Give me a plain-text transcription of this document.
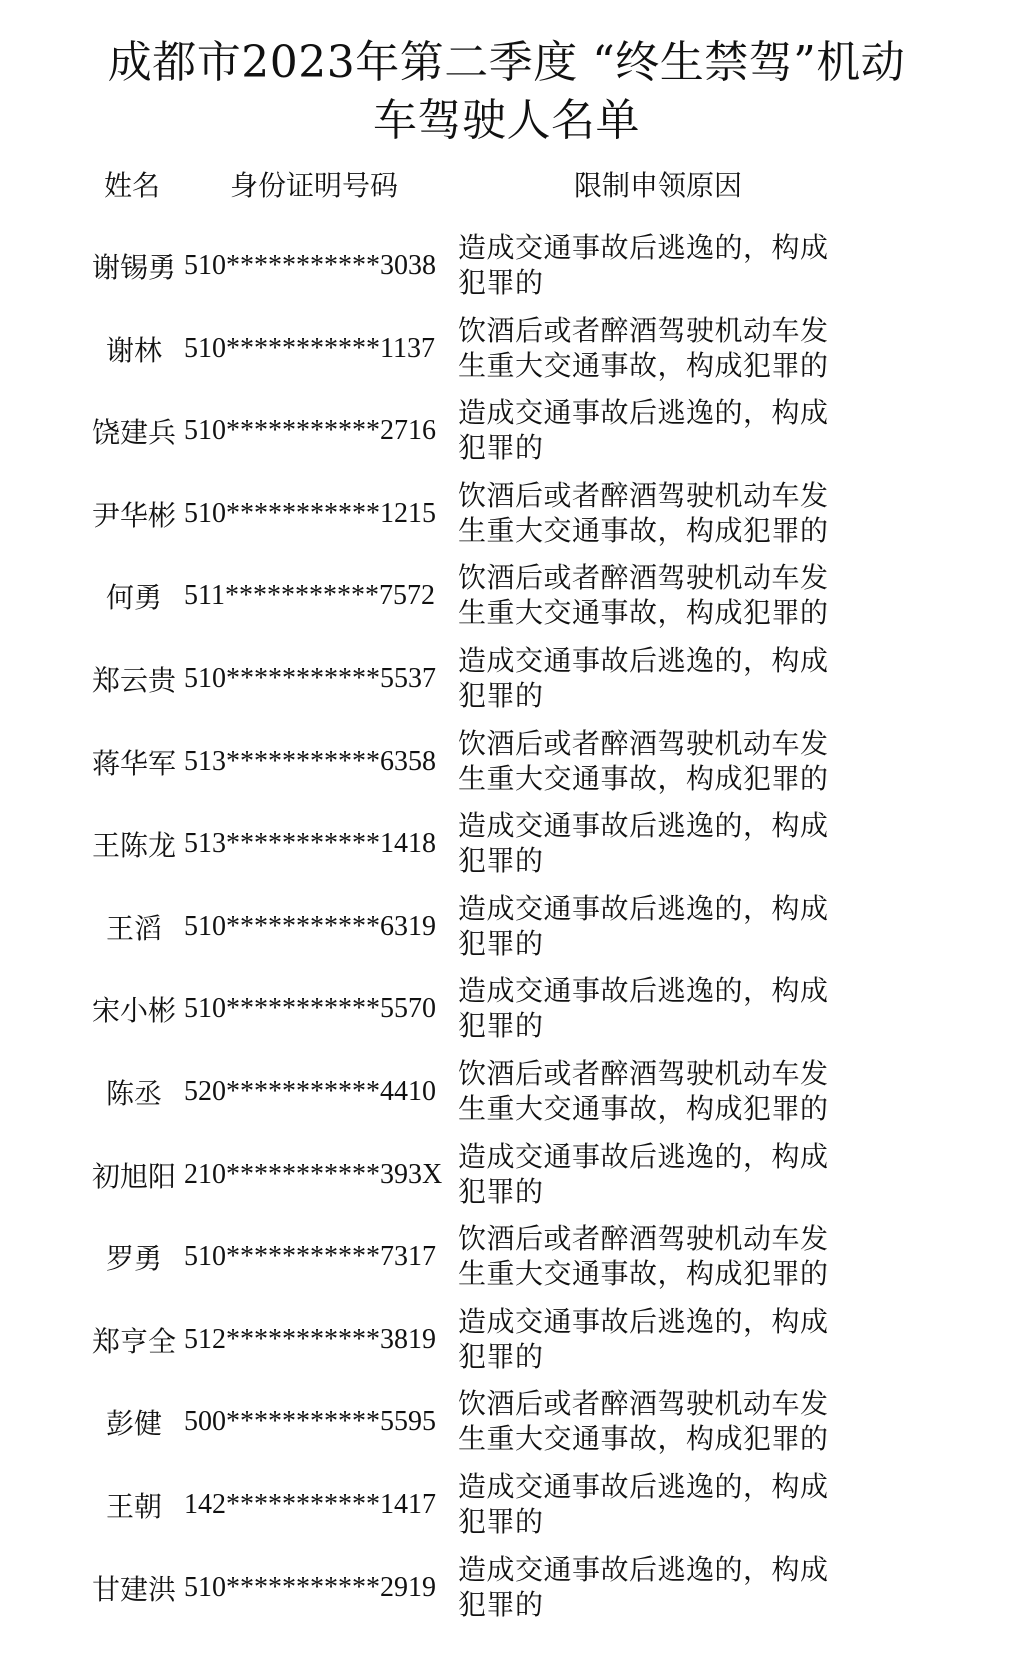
成都市2023年第二季度 “终生禁驾”机动
车驾驶人名单
姓名 身份证明号码	限制申领原因
谢锡勇 510***********3038
造成交通事故后逃逸的，构成
犯罪的
谢林 510***********1137
饮酒后或者醉酒驾驶机动车发
生重大交通事故，构成犯罪的
饶建兵 510***********2716
造成交通事故后逃逸的，构成
犯罪的
尹华彬 510***********1215
饮酒后或者醉酒驾驶机动车发
生重大交通事故，构成犯罪的
何勇 511***********7572
饮酒后或者醉酒驾驶机动车发
生重大交通事故，构成犯罪的
郑云贵 510***********5537
造成交通事故后逃逸的，构成
犯罪的
蒋华军 513***********6358
饮酒后或者醉酒驾驶机动车发
生重大交通事故，构成犯罪的
王陈龙 513***********1418
造成交通事故后逃逸的，构成
犯罪的
王滔 510***********6319
造成交通事故后逃逸的，构成
犯罪的
宋小彬 510***********5570
造成交通事故后逃逸的，构成
犯罪的
陈丞 520***********4410
饮酒后或者醉酒驾驶机动车发
生重大交通事故，构成犯罪的
初旭阳 210***********393X
造成交通事故后逃逸的，构成
犯罪的
罗勇 510***********7317
饮酒后或者醉酒驾驶机动车发
生重大交通事故，构成犯罪的
郑亨全 512***********3819
造成交通事故后逃逸的，构成
犯罪的
彭健 500***********5595
饮酒后或者醉酒驾驶机动车发
生重大交通事故，构成犯罪的
王朝 142***********1417
造成交通事故后逃逸的，构成
犯罪的
甘建洪 510***********2919
造成交通事故后逃逸的，构成
犯罪的
